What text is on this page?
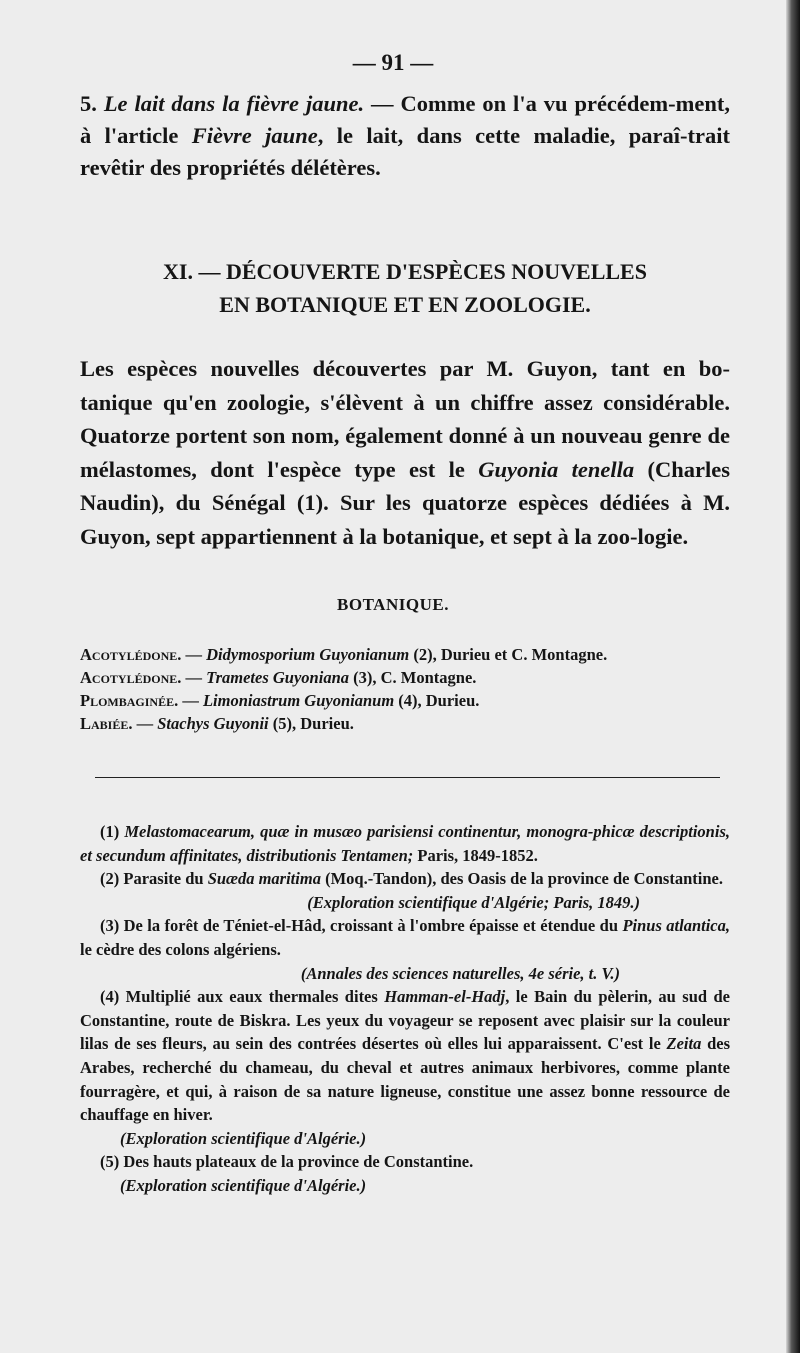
— 91 —
5. Le lait dans la fièvre jaune. — Comme on l'a vu précédem-ment, à l'article Fièvre jaune, le lait, dans cette maladie, paraî-trait revêtir des propriétés délétères.
XI. — DÉCOUVERTE D'ESPÈCES NOUVELLES
EN BOTANIQUE ET EN ZOOLOGIE.
Les espèces nouvelles découvertes par M. Guyon, tant en bo-tanique qu'en zoologie, s'élèvent à un chiffre assez considérable. Quatorze portent son nom, également donné à un nouveau genre de mélastomes, dont l'espèce type est le Guyonia tenella (Charles Naudin), du Sénégal (1). Sur les quatorze espèces dédiées à M. Guyon, sept appartiennent à la botanique, et sept à la zoo-logie.
BOTANIQUE.
Acotylédone. — Didymosporium Guyonianum (2), Durieu et C. Montagne.
Acotylédone. — Trametes Guyoniana (3), C. Montagne.
Plombaginée. — Limoniastrum Guyonianum (4), Durieu.
Labiée. — Stachys Guyonii (5), Durieu.

(1) Melastomacearum, quæ in musæo parisiensi continentur, monogra-phicæ descriptionis, et secundum affinitates, distributionis Tentamen; Paris, 1849-1852.

(2) Parasite du Suæda maritima (Moq.-Tandon), des Oasis de la province de Constantine.

(Exploration scientifique d'Algérie; Paris, 1849.)

(3) De la forêt de Téniet-el-Hâd, croissant à l'ombre épaisse et étendue du Pinus atlantica, le cèdre des colons algériens.

(Annales des sciences naturelles, 4e série, t. V.)

(4) Multiplié aux eaux thermales dites Hamman-el-Hadj, le Bain du pèlerin, au sud de Constantine, route de Biskra. Les yeux du voyageur se reposent avec plaisir sur la couleur lilas de ses fleurs, au sein des contrées désertes où elles lui apparaissent. C'est le Zeita des Arabes, recherché du chameau, du cheval et autres animaux herbivores, comme plante fourragère, et qui, à raison de sa nature ligneuse, constitue une assez bonne ressource de chauffage en hiver.

(Exploration scientifique d'Algérie.)

(5) Des hauts plateaux de la province de Constantine.

(Exploration scientifique d'Algérie.)
